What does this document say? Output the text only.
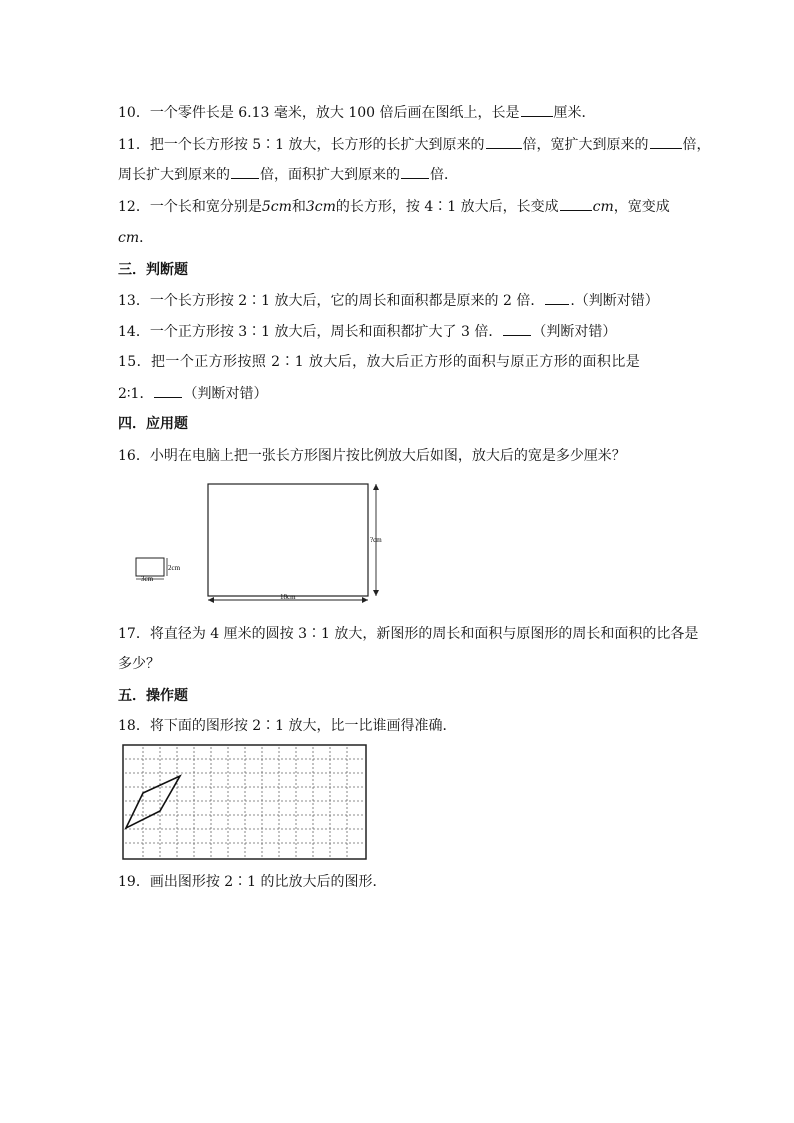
10．一个零件长是 6.13 毫米，放大 100 倍后画在图纸上，长是 厘米．
11．把一个长方形按 5∶1 放大，长方形的长扩大到原来的	倍，宽扩大到原来的 倍，
周长扩大到原来的 倍，面积扩大到原来的 倍．
12．一个长和宽分别是5cm和3cm的长方形，按 4∶1 放大后，长变成 cm，宽变成
cm．
三．判断题
13．一个长方形按 2∶1 放大后，它的周长和面积都是原来的 2 倍． .（判断对错）
14．一个正方形按 3∶1 放大后，周长和面积都扩大了 3 倍． （判断对错）
15．把一个正方形按照 2∶1 放大后，放大后正方形的面积与原正方形的面积比是
2∶1． （判断对错）
四．应用题
16．小明在电脑上把一张长方形图片按比例放大后如图，放大后的宽是多少厘米？
2cm
3cm
?cm
18cm
17．将直径为 4 厘米的圆按 3∶1 放大，新图形的周长和面积与原图形的周长和面积的比各是
多少？
五．操作题
18．将下面的图形按 2∶1 放大，比一比谁画得准确．
19．画出图形按 2∶1 的比放大后的图形．
